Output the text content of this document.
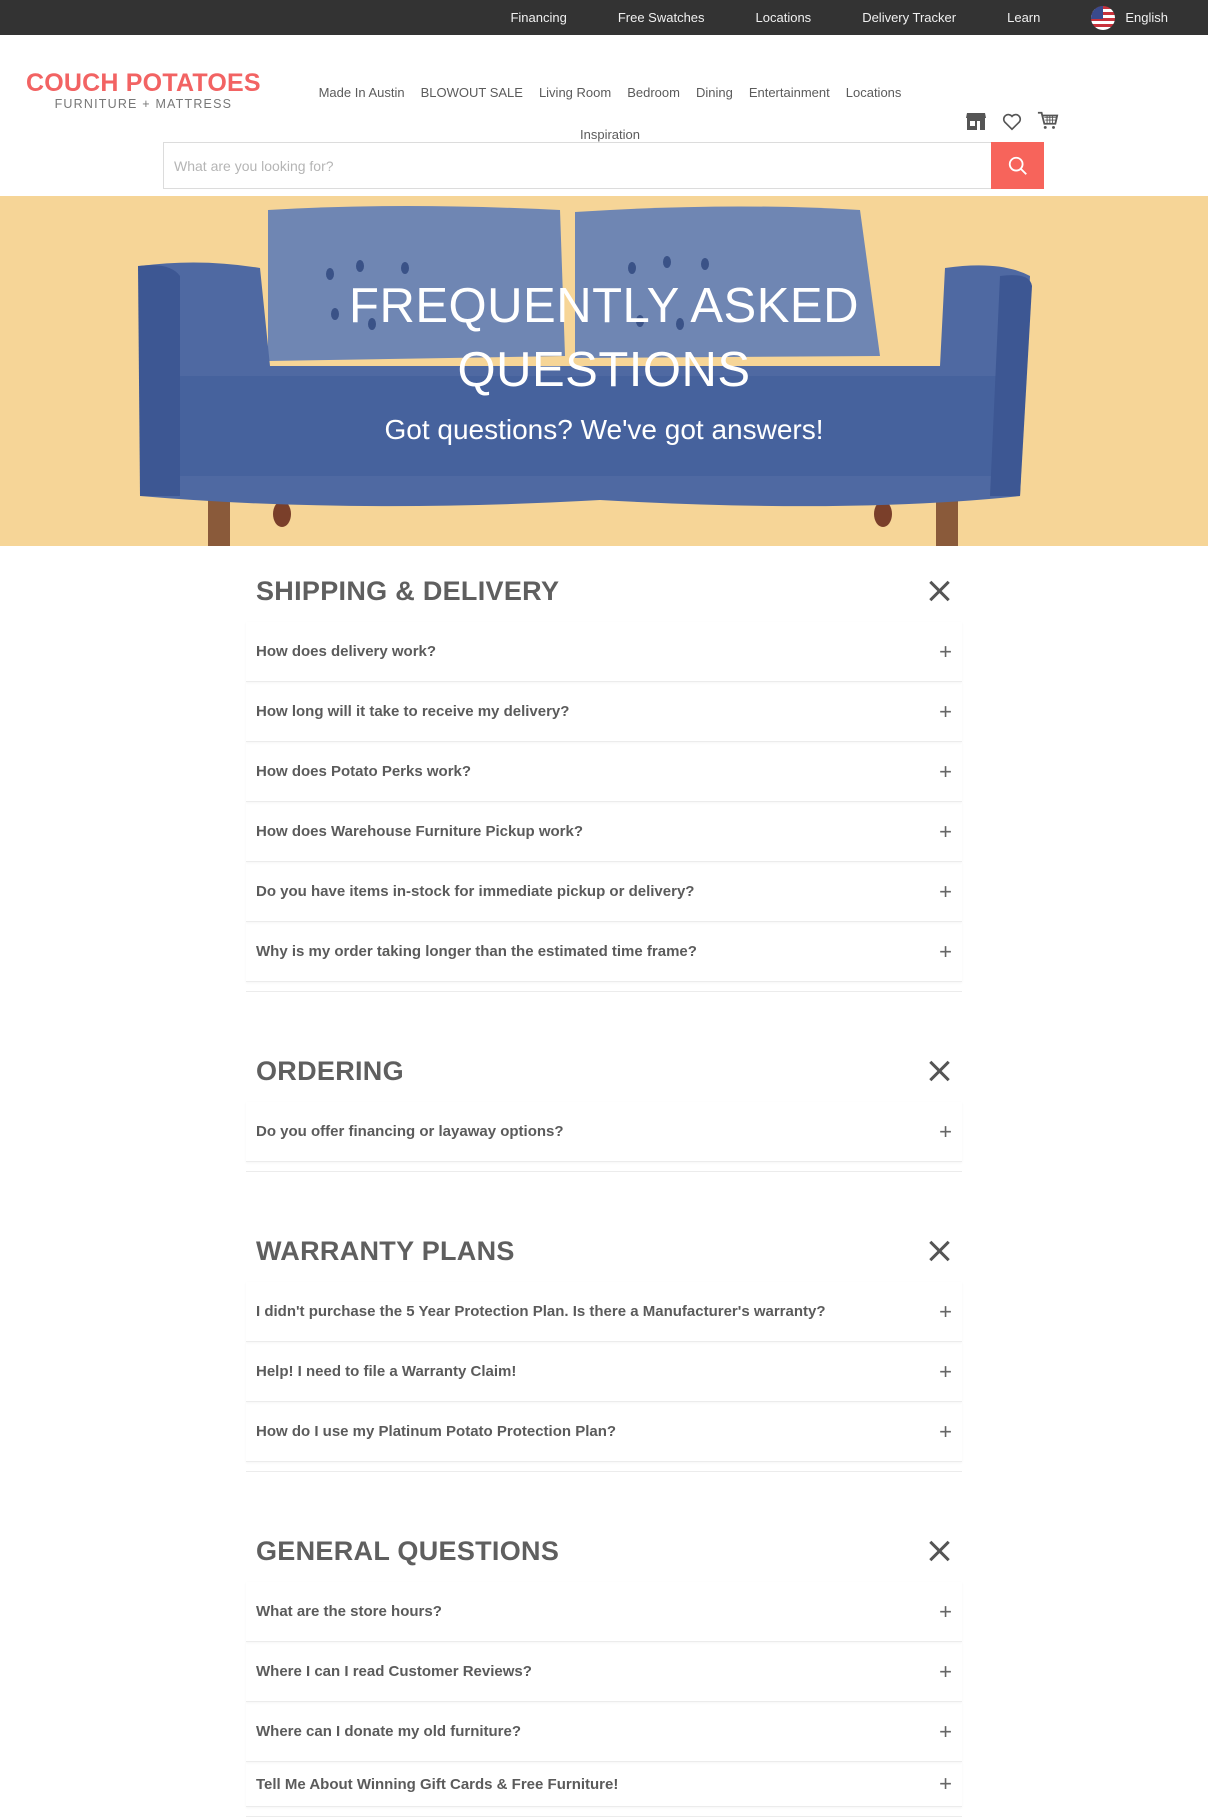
Financing	Free Swatches	Locations	Delivery Tracker	Learn	English
COUCH POTATOES
FURNITURE + MATTRESS
Made In Austin BLOWOUT SALE Living Room Bedroom Dining Entertainment Locations
Inspiration
What are you looking for?
FREQUENTLY ASKED
QUESTIONS
Got questions? We've got answers!
SHIPPING & DELIVERY
How does delivery work?	+
How long will it take to receive my delivery?	+
How does Potato Perks work?	+
How does Warehouse Furniture Pickup work?	+
Do you have items in-stock for immediate pickup or delivery?	+
Why is my order taking longer than the estimated time frame?	+
ORDERING
Do you offer financing or layaway options?	+
WARRANTY PLANS
I didn't purchase the 5 Year Protection Plan. Is there a Manufacturer's warranty?	+
Help! I need to file a Warranty Claim!	+
How do I use my Platinum Potato Protection Plan?	+
GENERAL QUESTIONS
What are the store hours?	+
Where I can I read Customer Reviews?	+
Where can I donate my old furniture?	+
Tell Me About Winning Gift Cards & Free Furniture!	+
